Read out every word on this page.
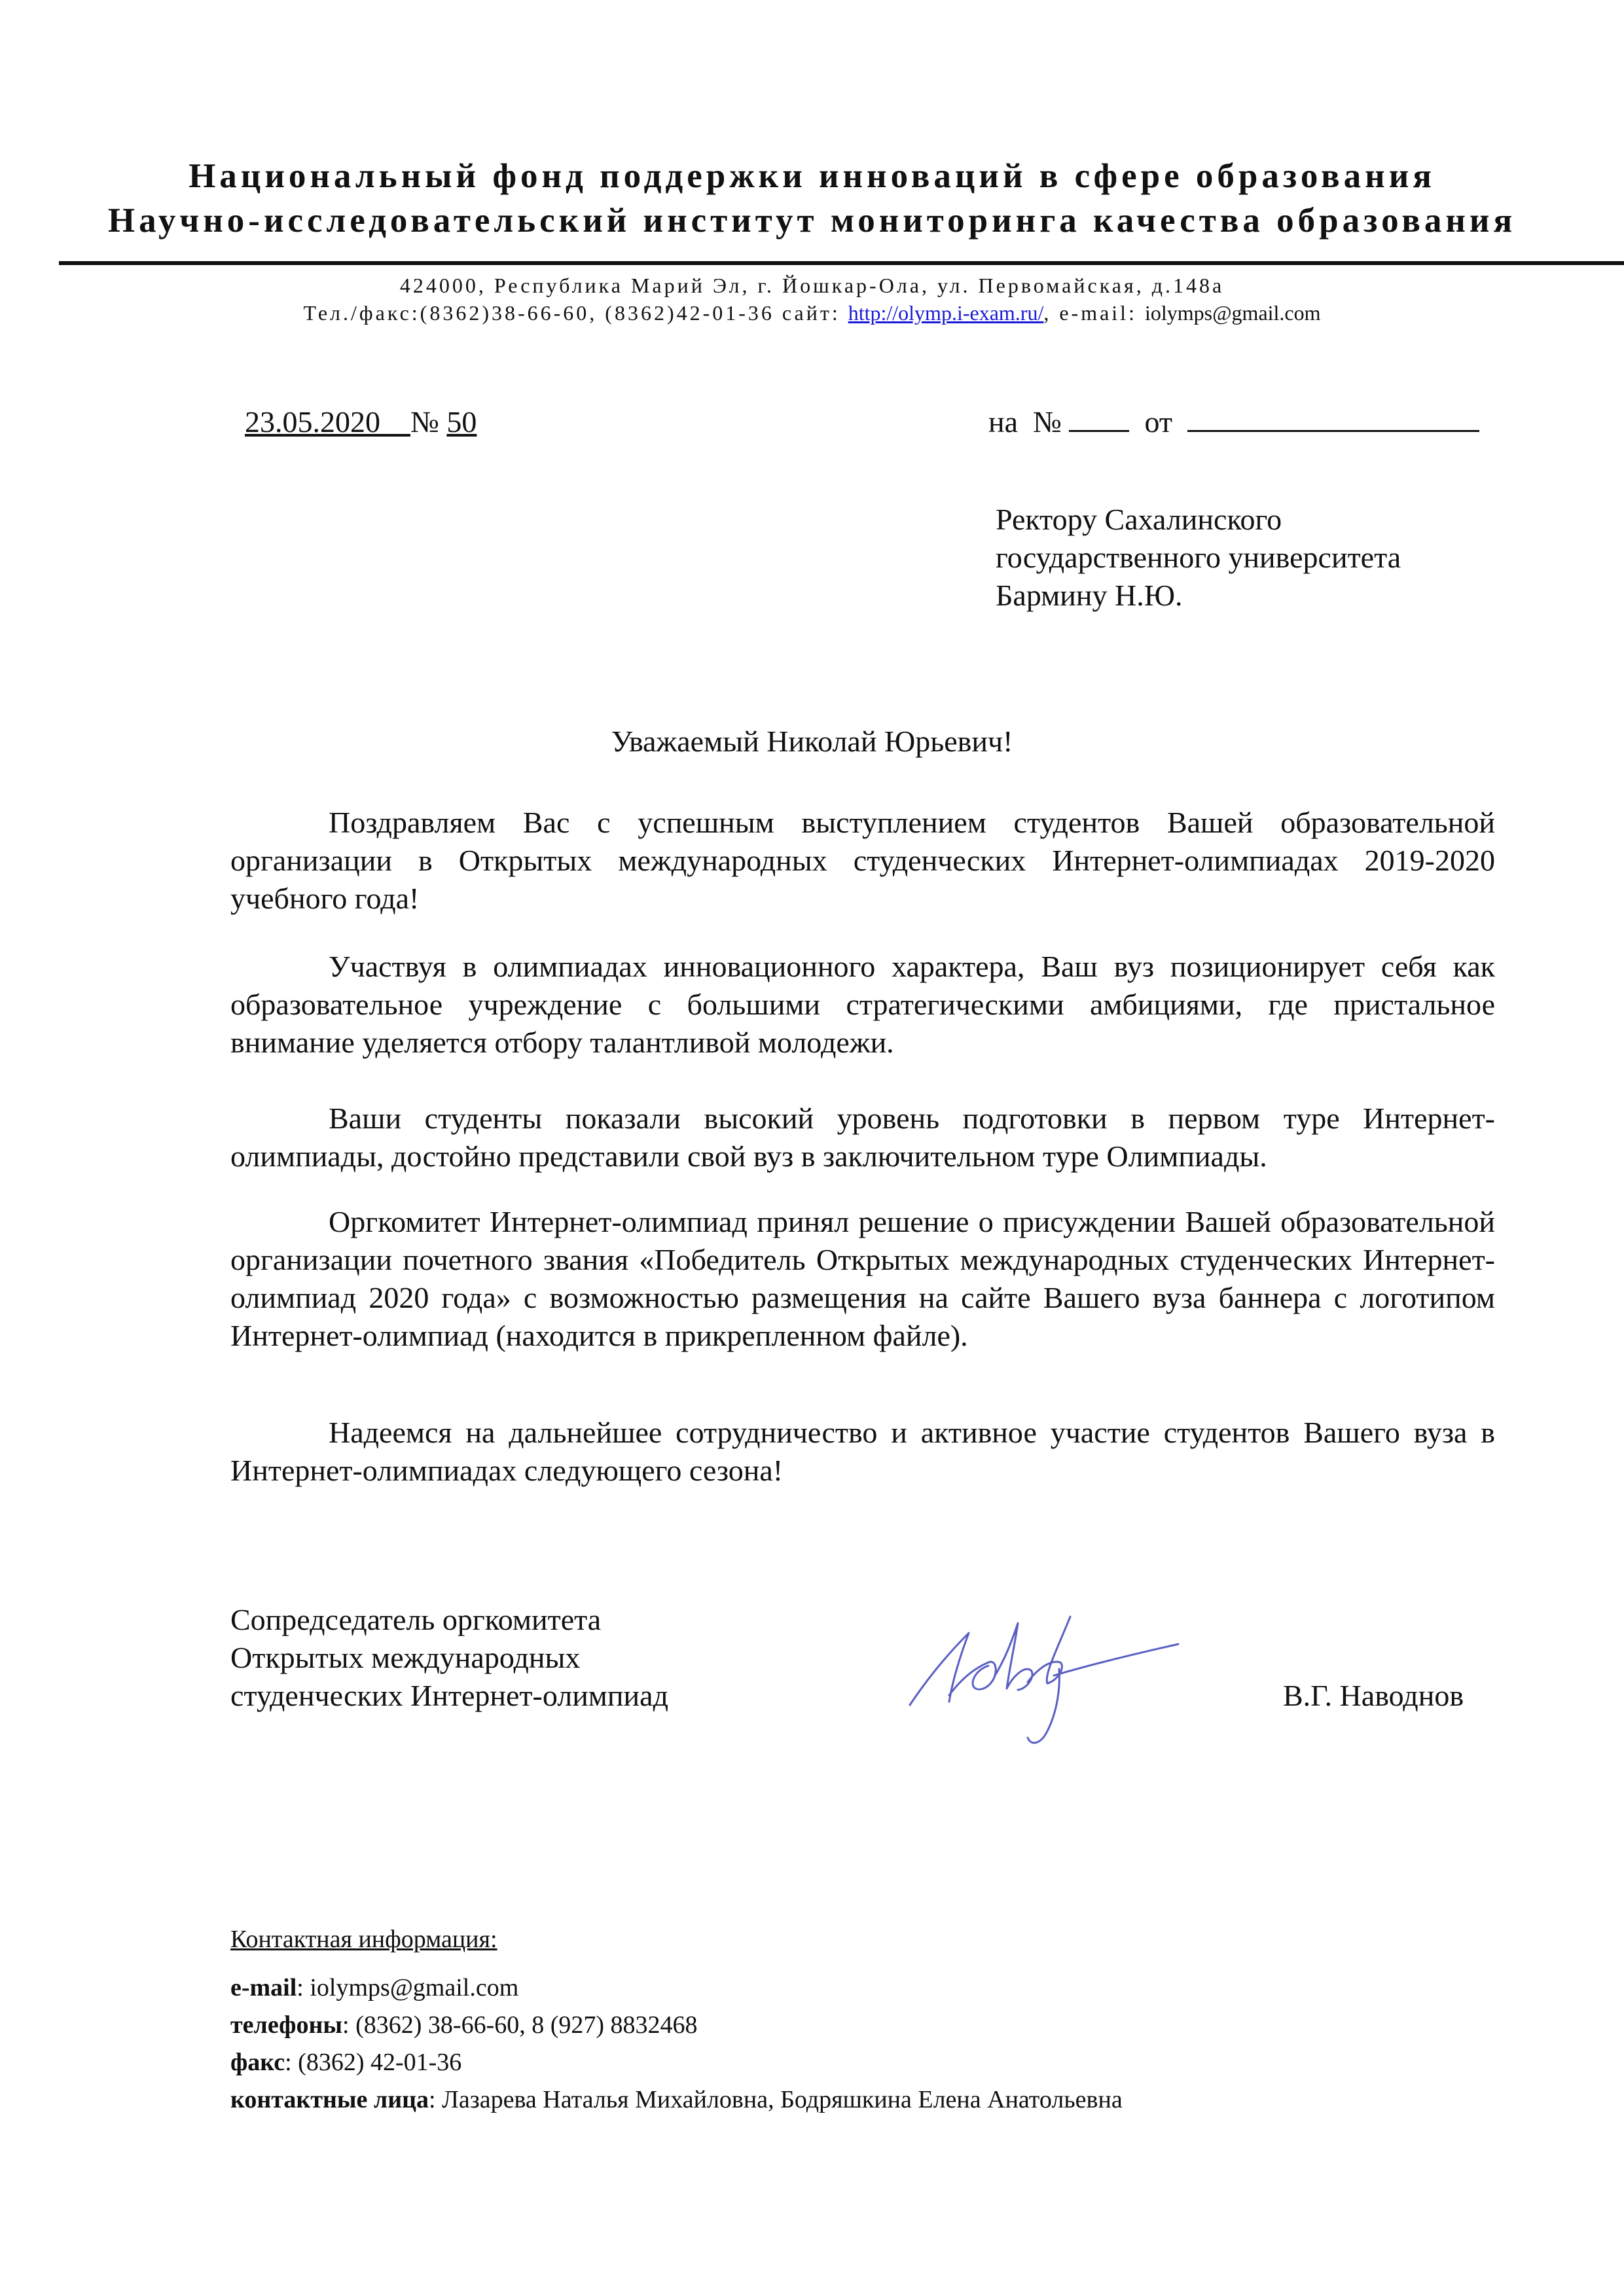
Национальный фонд поддержки инноваций в сфере образования
Научно-исследовательский институт мониторинга качества образования
424000, Республика Марий Эл, г. Йошкар-Ола, ул. Первомайская, д.148а
Тел./факс:(8362)38-66-60, (8362)42-01-36 сайт: http://olymp.i-exam.ru/, e-mail: iolymps@gmail.com
23.05.2020 № 50	на №	от
Ректору Сахалинского
государственного университета
Бармину Н.Ю.
Уважаемый Николай Юрьевич!

Поздравляем Вас с успешным выступлением студентов Вашей образовательной организации в Открытых международных студенческих Интернет-олимпиадах 2019-2020 учебного года!

Участвуя в олимпиадах инновационного характера, Ваш вуз позиционирует себя как образовательное учреждение с большими стратегическими амбициями, где пристальное внимание уделяется отбору талантливой молодежи.

Ваши студенты показали высокий уровень подготовки в первом туре Интернет-олимпиады, достойно представили свой вуз в заключительном туре Олимпиады.

Оргкомитет Интернет-олимпиад принял решение о присуждении Вашей образовательной организации почетного звания «Победитель Открытых международных студенческих Интернет-олимпиад 2020 года» с возможностью размещения на сайте Вашего вуза баннера с логотипом Интернет-олимпиад (находится в прикрепленном файле).

Надеемся на дальнейшее сотрудничество и активное участие студентов Вашего вуза в Интернет-олимпиадах следующего сезона!

Сопредседатель оргкомитета
Открытых международных
студенческих Интернет-олимпиад	В.Г. Наводнов
Контактная информация:
e-mail: iolymps@gmail.com
телефоны: (8362) 38-66-60, 8 (927) 8832468
факс: (8362) 42-01-36
контактные лица: Лазарева Наталья Михайловна, Бодряшкина Елена Анатольевна
